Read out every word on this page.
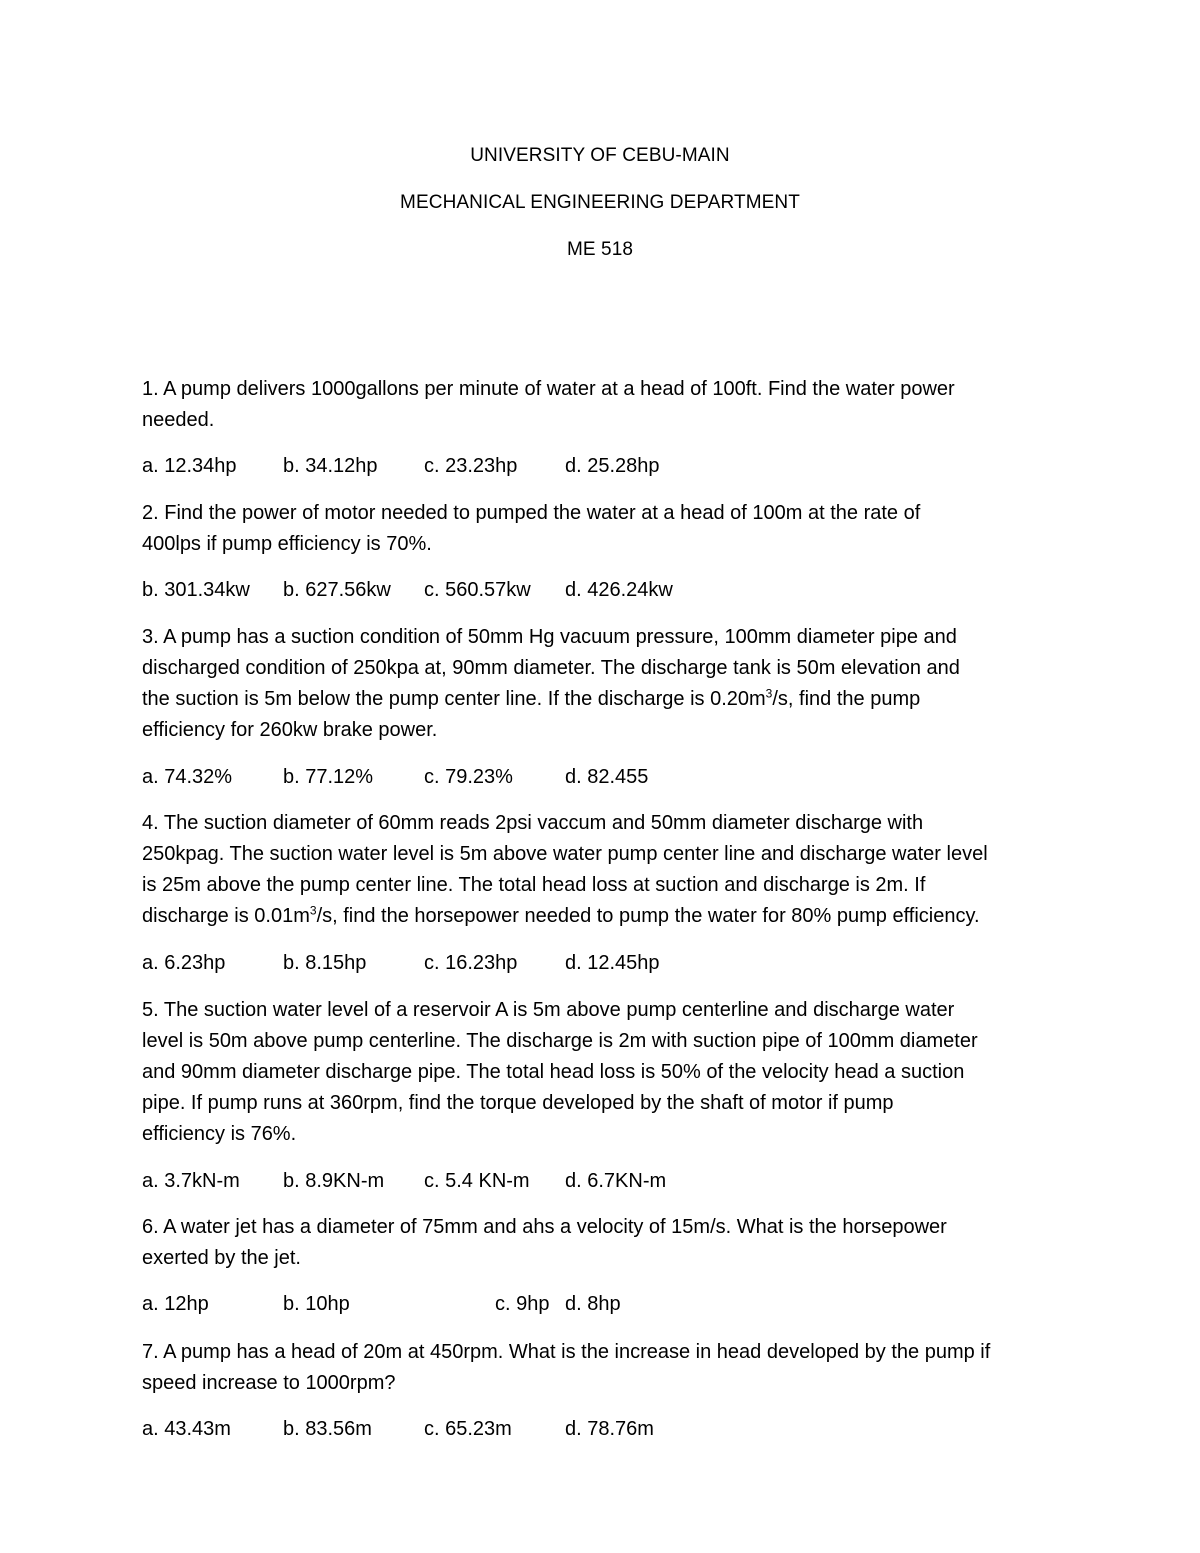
UNIVERSITY OF CEBU-MAIN
MECHANICAL ENGINEERING DEPARTMENT
ME 518
1. A pump delivers 1000gallons per minute of water at a head of 100ft. Find the water power
needed.
a. 12.34hp b. 34.12hp c. 23.23hp d. 25.28hp
2. Find the power of motor needed to pumped the water at a head of 100m at the rate of
400lps if pump efficiency is 70%.
b. 301.34kw b. 627.56kw c. 560.57kw d. 426.24kw
3. A pump has a suction condition of 50mm Hg vacuum pressure, 100mm diameter pipe and
discharged condition of 250kpa at, 90mm diameter. The discharge tank is 50m elevation and
the suction is 5m below the pump center line. If the discharge is $0.20m^3/s$, find the pump
efficiency for 260kw brake power.
a. 74.32%	b. 77.12%	c. 79.23%	d. 82.455
4. The suction diameter of 60mm reads 2psi vaccum and 50mm diameter discharge with
250kpag. The suction water level is 5m above water pump center line and discharge water level
is 25m above the pump center line. The total head loss at suction and discharge is 2m. If
discharge is $0.01m^3/s$, find the horsepower needed to pump the water for 80% pump efficiency.
a. 6.23hp	b. 8.15hp	c. 16.23hp d. 12.45hp
5. The suction water level of a reservoir A is 5m above pump centerline and discharge water
level is 50m above pump centerline. The discharge is 2m with suction pipe of 100mm diameter
and 90mm diameter discharge pipe. The total head loss is 50% of the velocity head a suction
pipe. If pump runs at 360rpm, find the torque developed by the shaft of motor if pump
efficiency is 76%.
a. 3.7kN-m b. 8.9KN-m c. 5.4 KN-m d. 6.7KN-m
6. A water jet has a diameter of 75mm and ahs a velocity of 15m/s. What is the horsepower
exerted by the jet.
a. 12hp	b. 10hp	c. 9hp d. 8hp
7. A pump has a head of 20m at 450rpm. What is the increase in head developed by the pump if
speed increase to 1000rpm?
a. 43.43m	b. 83.56m	c. 65.23m	d. 78.76m
